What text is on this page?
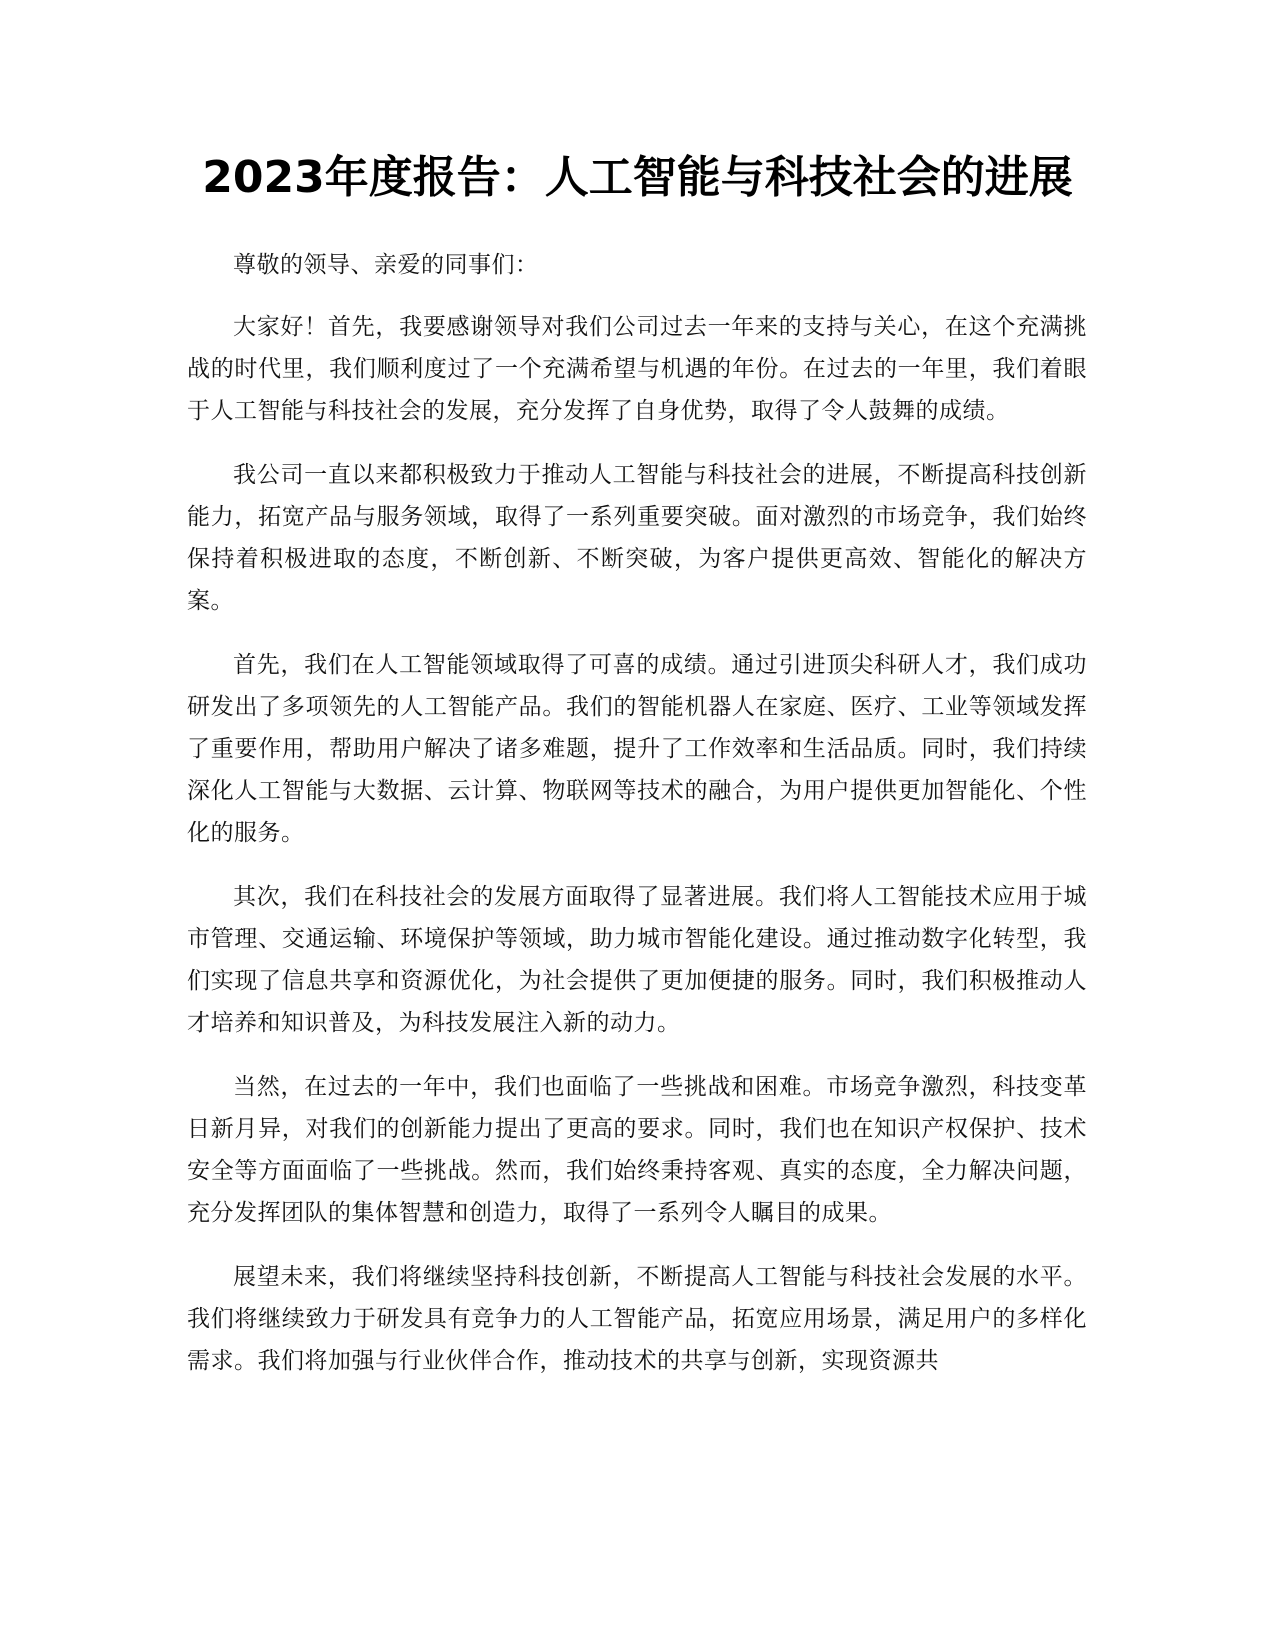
2023年度报告：人工智能与科技社会的进展

尊敬的领导、亲爱的同事们：

大家好！首先，我要感谢领导对我们公司过去一年来的支持与关心，在这个充满挑战的时代里，我们顺利度过了一个充满希望与机遇的年份。在过去的一年里，我们着眼于人工智能与科技社会的发展，充分发挥了自身优势，取得了令人鼓舞的成绩。

我公司一直以来都积极致力于推动人工智能与科技社会的进展，不断提高科技创新能力，拓宽产品与服务领域，取得了一系列重要突破。面对激烈的市场竞争，我们始终保持着积极进取的态度，不断创新、不断突破，为客户提供更高效、智能化的解决方案。

首先，我们在人工智能领域取得了可喜的成绩。通过引进顶尖科研人才，我们成功研发出了多项领先的人工智能产品。我们的智能机器人在家庭、医疗、工业等领域发挥了重要作用，帮助用户解决了诸多难题，提升了工作效率和生活品质。同时，我们持续深化人工智能与大数据、云计算、物联网等技术的融合，为用户提供更加智能化、个性化的服务。

其次，我们在科技社会的发展方面取得了显著进展。我们将人工智能技术应用于城市管理、交通运输、环境保护等领域，助力城市智能化建设。通过推动数字化转型，我们实现了信息共享和资源优化，为社会提供了更加便捷的服务。同时，我们积极推动人才培养和知识普及，为科技发展注入新的动力。

当然，在过去的一年中，我们也面临了一些挑战和困难。市场竞争激烈，科技变革日新月异，对我们的创新能力提出了更高的要求。同时，我们也在知识产权保护、技术安全等方面面临了一些挑战。然而，我们始终秉持客观、真实的态度，全力解决问题，充分发挥团队的集体智慧和创造力，取得了一系列令人瞩目的成果。

展望未来，我们将继续坚持科技创新，不断提高人工智能与科技社会发展的水平。我们将继续致力于研发具有竞争力的人工智能产品，拓宽应用场景，满足用户的多样化需求。我们将加强与行业伙伴合作，推动技术的共享与创新，实现资源共
